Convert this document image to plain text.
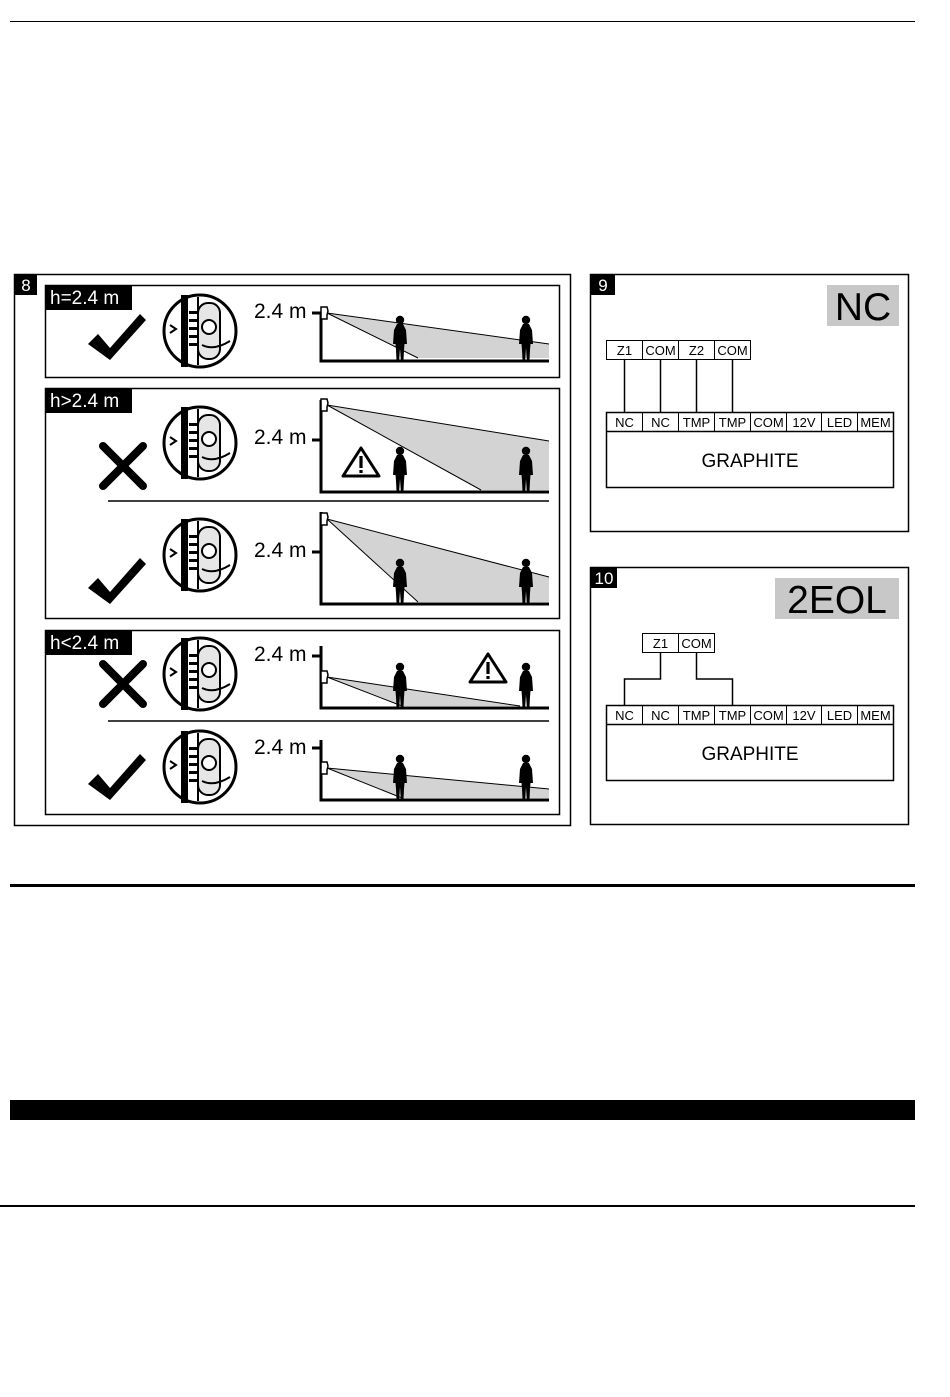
8
h=2.4 m
2.4 m
h>2.4 m
2.4 m
2.4 m
h<2.4 m	2.4 m
2.4 m
9
NC
Z1 COM Z2 COM
NC NC TMP TMP COM 12V LED MEM
GRAPHITE
10
2EOL
Z1 COM
NC NC TMP TMP COM 12V LED MEM
GRAPHITE
